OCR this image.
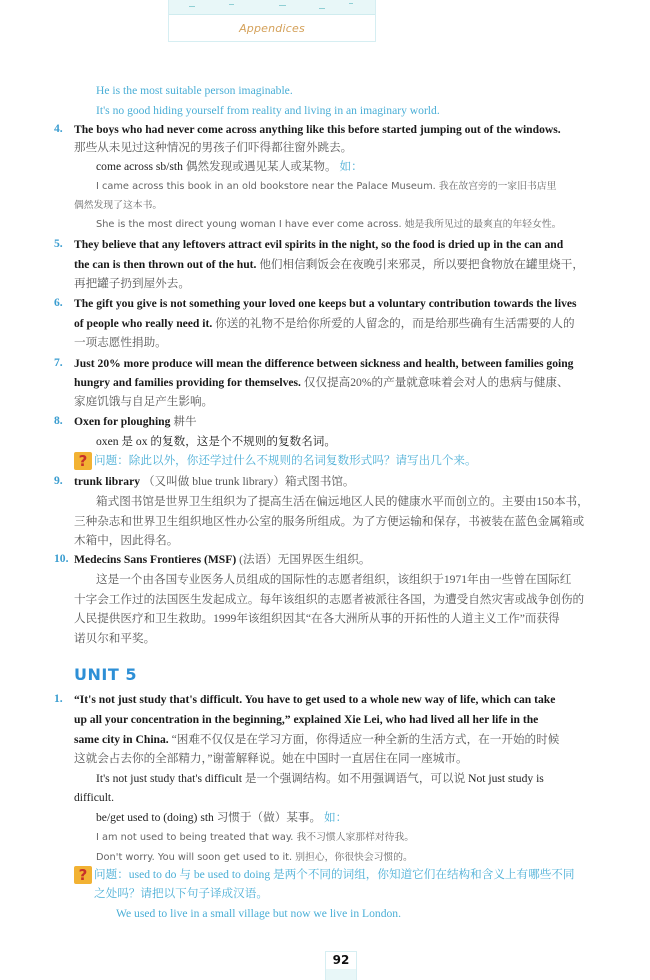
Appendices
He is the most suitable person imaginable.
It's no good hiding yourself from reality and living in an imaginary world.
4. The boys who had never come across anything like this before started jumping out of the windows.
那些从未见过这种情况的男孩子们吓得都往窗外跳去。
come across sb/sth 偶然发现或遇见某人或某物。 如：
I came across this book in an old bookstore near the Palace Museum. 我在故宫旁的一家旧书店里
偶然发现了这本书。
She is the most direct young woman I have ever come across. 她是我所见过的最爽直的年轻女性。
5. They believe that any leftovers attract evil spirits in the night, so the food is dried up in the can and
the can is then thrown out of the hut. 他们相信剩饭会在夜晚引来邪灵，所以要把食物放在罐里烧干，
再把罐子扔到屋外去。
6. The gift you give is not something your loved one keeps but a voluntary contribution towards the lives
of people who really need it. 你送的礼物不是给你所爱的人留念的，而是给那些确有生活需要的人的
一项志愿性捐助。
7. Just 20% more produce will mean the difference between sickness and health, between families going
hungry and families providing for themselves. 仅仅提高20%的产量就意味着会对人的患病与健康、
家庭饥饿与自足产生影响。
8. Oxen for ploughing 耕牛
oxen 是 ox 的复数，这是个不规则的复数名词。
? 问题：除此以外，你还学过什么不规则的名词复数形式吗？请写出几个来。
9. trunk library （又叫做 blue trunk library）箱式图书馆。
箱式图书馆是世界卫生组织为了提高生活在偏远地区人民的健康水平而创立的。主要由150本书，
三种杂志和世界卫生组织地区性办公室的服务所组成。为了方便运输和保存，书被装在蓝色金属箱或
木箱中，因此得名。
10. Medecins Sans Frontieres (MSF) (法语）无国界医生组织。
这是一个由各国专业医务人员组成的国际性的志愿者组织，该组织于1971年由一些曾在国际红
十字会工作过的法国医生发起成立。每年该组织的志愿者被派往各国，为遭受自然灾害或战争创伤的
人民提供医疗和卫生救助。1999年该组织因其“在各大洲所从事的开拓性的人道主义工作”而获得
诺贝尔和平奖。
UNIT 5
1. “It's not just study that's difficult. You have to get used to a whole new way of life, which can take
up all your concentration in the beginning,” explained Xie Lei, who had lived all her life in the
same city in China. “困难不仅仅是在学习方面，你得适应一种全新的生活方式，在一开始的时候
这就会占去你的全部精力，”谢蕾解释说。她在中国时一直居住在同一座城市。
It's not just study that's difficult 是一个强调结构。如不用强调语气，可以说 Not just study is
difficult.
be/get used to (doing) sth 习惯于（做）某事。 如：
I am not used to being treated that way. 我不习惯人家那样对待我。
Don't worry. You will soon get used to it. 别担心，你很快会习惯的。
? 问题：used to do 与 be used to doing 是两个不同的词组，你知道它们在结构和含义上有哪些不同
之处吗？请把以下句子译成汉语。
We used to live in a small village but now we live in London.
92
